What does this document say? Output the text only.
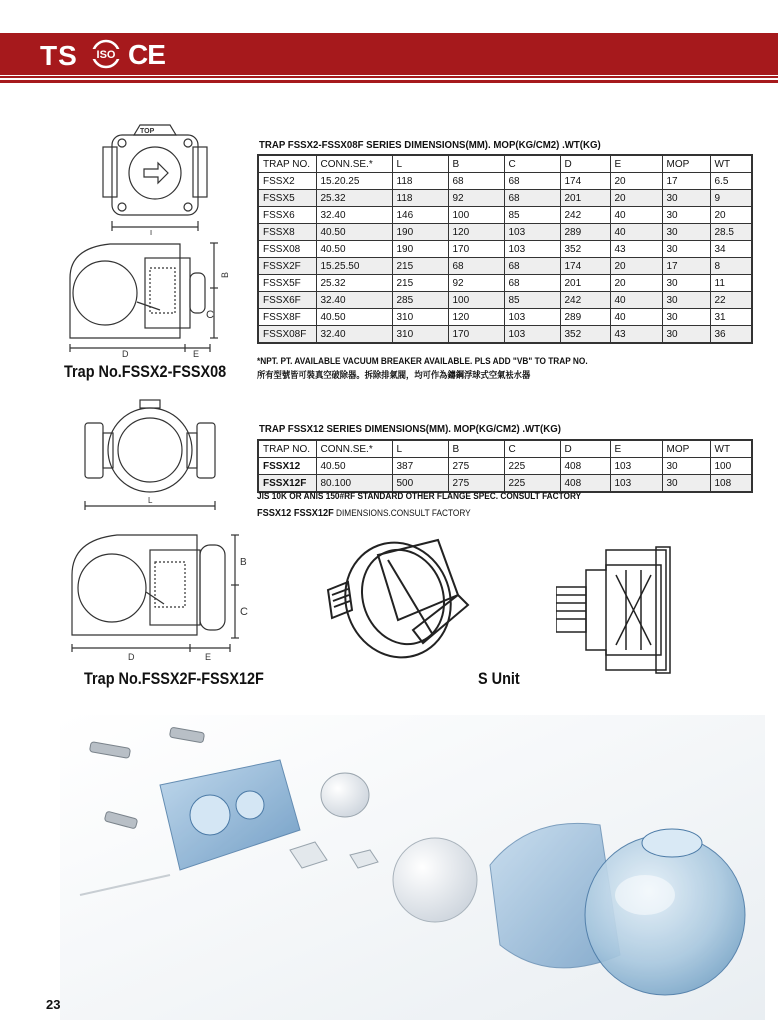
TS ISO CE
TOP
L
B
C
D	E
TRAP FSSX2-FSSX08F SERIES DIMENSIONS(MM). MOP(KG/CM2) .WT(KG)
TRAP NO.	CONN.SE.*	L	B	C	D	E	MOP	WT
FSSX2	15.20.25	118	68	68	174	20	17	6.5
FSSX5	25.32	118	92	68	201	20	30	9
FSSX6	32.40	146	100	85	242	40	30	20
FSSX8	40.50	190	120	103	289	40	30	28.5
FSSX08	40.50	190	170	103	352	43	30	34
FSSX2F	15.25.50	215	68	68	174	20	17	8
FSSX5F	25.32	215	92	68	201	20	30	11
FSSX6F	32.40	285	100	85	242	40	30	22
FSSX8F	40.50	310	120	103	289	40	30	31
FSSX08F	32.40	310	170	103	352	43	30	36
*NPT. PT. AVAILABLE VACUUM BREAKER AVAILABLE. PLS ADD "VB" TO TRAP NO.
所有型號皆可裝真空破除器。拆除排氣閥，均可作為鑄鋼浮球式空氣袪水器
Trap No.FSSX2-FSSX08
L
TRAP FSSX12 SERIES DIMENSIONS(MM). MOP(KG/CM2) .WT(KG)
TRAP NO.	CONN.SE.*	L	B	C	D	E	MOP	WT
FSSX12	40.50	387	275	225	408	103	30	100
FSSX12F	80.100	500	275	225	408	103	30	108
JIS 10K OR ANIS 150#RF STANDARD OTHER FLANGE SPEC. CONSULT FACTORY
FSSX12 FSSX12F DIMENSIONS.CONSULT FACTORY
B
C
D	E
Trap No.FSSX2F-FSSX12F	S Unit
23
